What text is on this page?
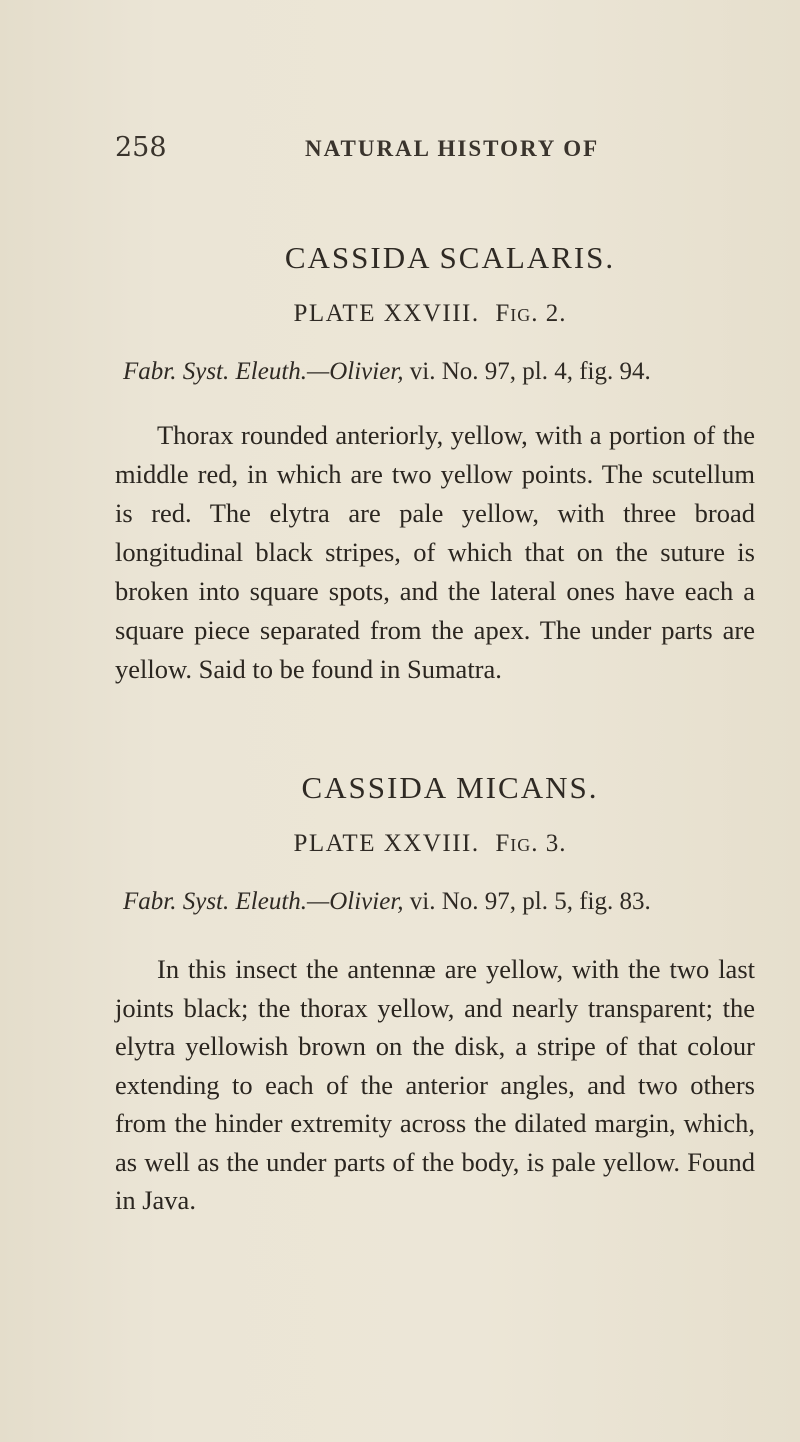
258	NATURAL HISTORY OF
CASSIDA SCALARIS.
PLATE XXVIII. Fig. 2.
Fabr. Syst. Eleuth.—Olivier, vi. No. 97, pl. 4, fig. 94.

Thorax rounded anteriorly, yellow, with a portion of the middle red, in which are two yellow points. The scutellum is red. The elytra are pale yellow, with three broad longitudinal black stripes, of which that on the suture is broken into square spots, and the lateral ones have each a square piece separated from the apex. The under parts are yellow. Said to be found in Sumatra.

CASSIDA MICANS.
PLATE XXVIII. Fig. 3.
Fabr. Syst. Eleuth.—Olivier, vi. No. 97, pl. 5, fig. 83.

In this insect the antennæ are yellow, with the two last joints black; the thorax yellow, and nearly transparent; the elytra yellowish brown on the disk, a stripe of that colour extending to each of the anterior angles, and two others from the hinder extremity across the dilated margin, which, as well as the under parts of the body, is pale yellow. Found in Java.
